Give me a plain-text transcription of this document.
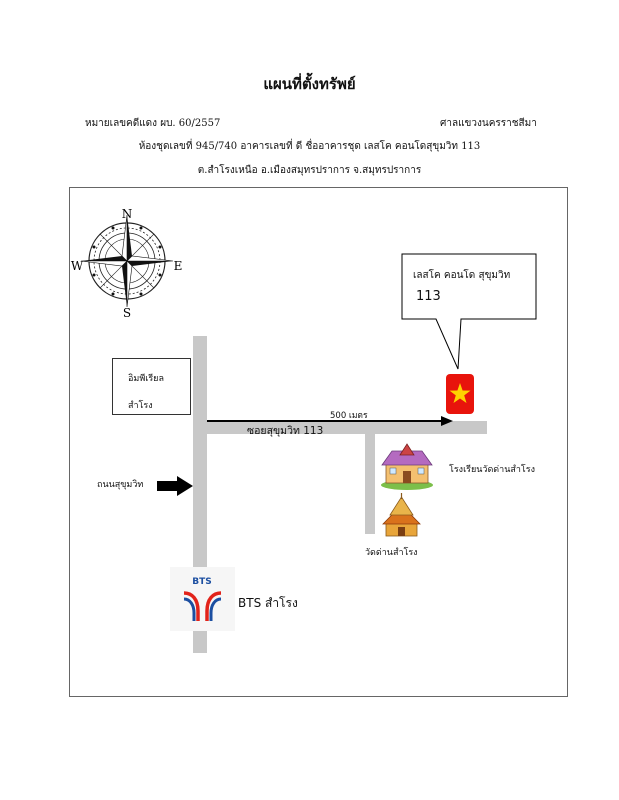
แผนที่ตั้งทรัพย์
หมายเลขคดีแดง ผบ. 60/2557	ศาลแขวงนครราชสีมา
ห้องชุดเลขที่ 945/740 อาคารเลขที่ ดี ชื่ออาคารชุด เลสโค คอนโดสุขุมวิท 113
ต.สำโรงเหนือ อ.เมืองสมุทรปราการ จ.สมุทรปราการ
N
S
E
W
อิมพีเรียล
สำโรง
500 เมตร
ซอยสุขุมวิท 113
ถนนสุขุมวิท
เลสโค คอนโด สุขุมวิท
113
โรงเรียนวัดด่านสำโรง
วัดด่านสำโรง
BTS
BTS สำโรง
